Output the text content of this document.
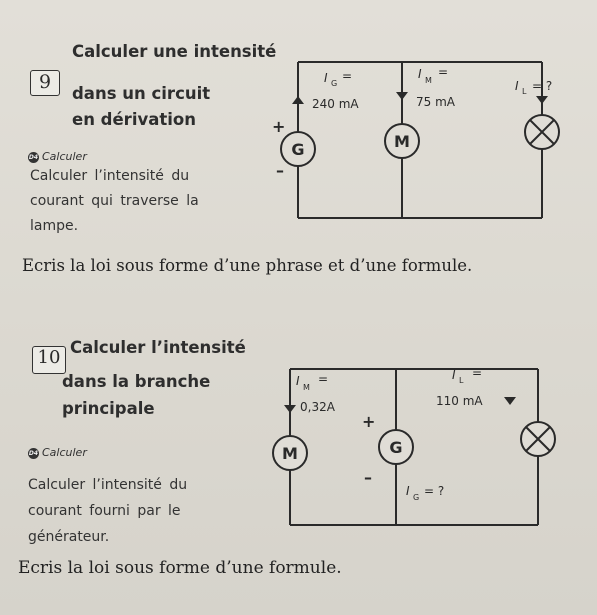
9
Calculer une intensité
dans un circuit
en dérivation
D4 Calculer
Calculer l’intensité du
courant qui traverse la
lampe.
Ecris la loi sous forme d’une phrase et d’une formule.
G	M
+
–
I G
=
240 mA
I M
=
75 mA
I L = ?
10 Calculer l’intensité
dans la branche
principale
D4 Calculer
Calculer l’intensité du
courant fourni par le
générateur.
Ecris la loi sous forme d’une formule.
M	G
+
–
I M
=
0,32A
I L
=
110 mA
I G = ?
